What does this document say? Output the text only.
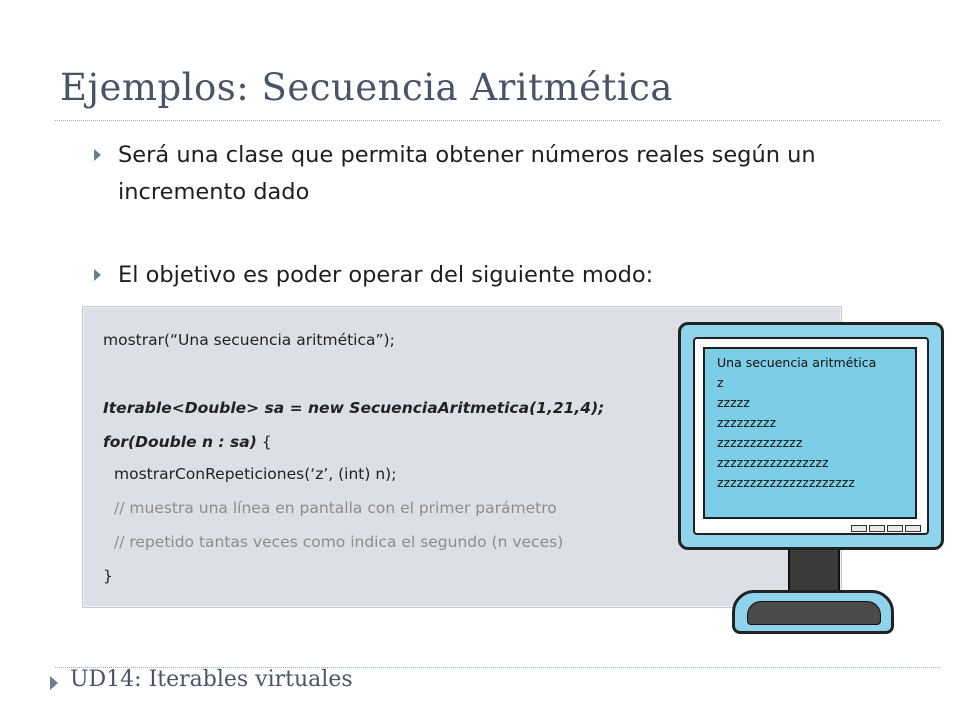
Ejemplos: Secuencia Aritmética
Será una clase que permita obtener números reales según un
incremento dado
El objetivo es poder operar del siguiente modo:
mostrar(“Una secuencia aritmética”);
Iterable<Double> sa = new SecuenciaAritmetica(1,21,4);
for(Double n : sa) {
mostrarConRepeticiones(‘z’, (int) n);
// muestra una línea en pantalla con el primer parámetro
// repetido tantas veces como indica el segundo (n veces)
}
Una secuencia aritmética
z
zzzzz
zzzzzzzzz
zzzzzzzzzzzzz
zzzzzzzzzzzzzzzzz
zzzzzzzzzzzzzzzzzzzzz
UD14: Iterables virtuales
